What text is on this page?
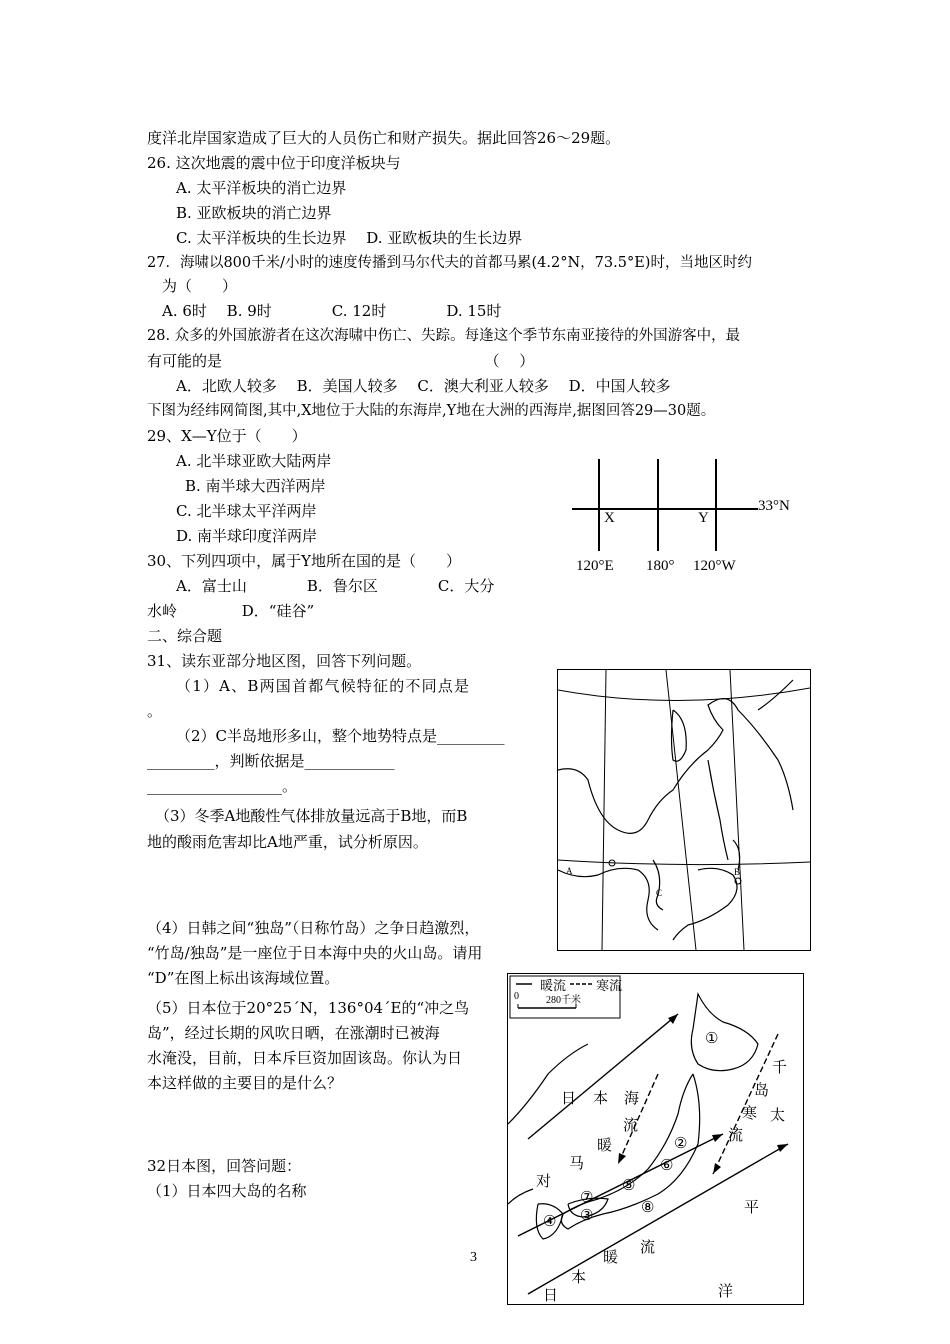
度洋北岸国家造成了巨大的人员伤亡和财产损失。据此回答26～29题。
26. 这次地震的震中位于印度洋板块与
A. 太平洋板块的消亡边界
B. 亚欧板块的消亡边界
C. 太平洋板块的生长边界　 D. 亚欧板块的生长边界
27．海啸以800千米/小时的速度传播到马尔代夫的首都马累(4.2°N，73.5°E)时，当地区时约
为（　　）
A. 6时　 B. 9时　　　　C. 12时　　　　D. 15时
28. 众多的外国旅游者在这次海啸中伤亡、失踪。每逢这个季节东南亚接待的外国游客中，最
有可能的是　　　　　　　　　　　　　　　　　　（　 ）
A．北欧人较多　 B．美国人较多　 C．澳大利亚人较多　 D．中国人较多
下图为经纬网简图,其中,X地位于大陆的东海岸,Y地在大洲的西海岸,据图回答29—30题。
29、X—Y位于（　　）
A. 北半球亚欧大陆两岸
B. 南半球大西洋两岸
C. 北半球太平洋两岸
D. 南半球印度洋两岸
30、下列四项中，属于Y地所在国的是（　　）
A．富士山　　　　B．鲁尔区　　　　C．大分
水岭　　　　 D．“硅谷”
33°N
X	Y
120°E 180° 120°W
二、综合题
31、读东亚部分地区图，回答下列问题。
（1）A、B两国首都气候特征的不同点是
。
（2）C半岛地形多山，整个地势特点是_________
_________，判断依据是____________
__________________。
（3）冬季A地酸性气体排放量远高于B地，而B
地的酸雨危害却比A地严重，试分析原因。
A
C
B
（4）日韩之间“独岛”（日称竹岛）之争日趋激烈，
“竹岛/独岛”是一座位于日本海中央的火山岛。请用
“D”在图上标出该海域位置。
（5）日本位于20°25´N，136°04´E的“冲之鸟
岛”，经过长期的风吹日晒，在涨潮时已被海
水淹没，目前，日本斥巨资加固该岛。你认为日
本这样做的主要目的是什么？
32日本图，回答问题：
（1）日本四大岛的名称
3
暖流 寒流
0	280千米
日 本 海
流
暖
马
对
千
岛
寒
流
太
平
暖
流
本
日	洋
①
②
③
④
⑤
⑥
⑦
⑧
